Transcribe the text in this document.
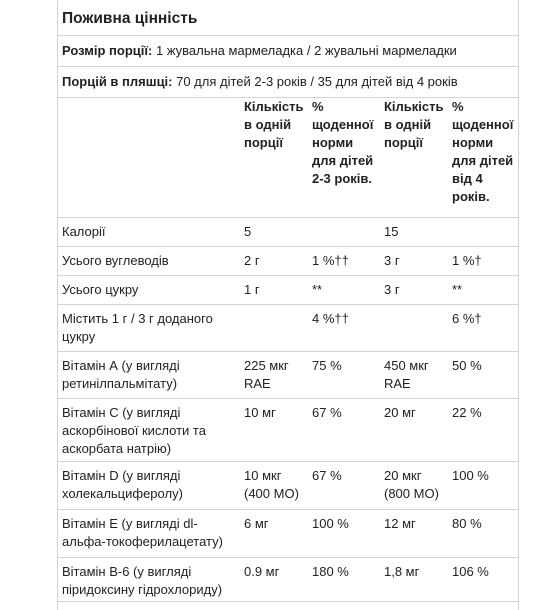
Поживна цінність
Розмір порції: 1 жувальна мармеладка / 2 жувальні мармеладки
Порцій в пляшці: 70 для дітей 2-3 років / 35 для дітей від 4 років
	Кількість в одній порції	% щоденної норми для дітей 2-3 років.	Кількість в одній порції	% щоденної норми для дітей від 4 років.
Калорії	5		15	
Усього вуглеводів	2 г	1 %††	3 г	1 %†
Усього цукру	1 г	**	3 г	**
Містить 1 г / 3 г доданого цукру		4 %††		6 %†
Вітамін А (у вигляді ретинілпальмітату)	225 мкг RAE	75 %	450 мкг RAE	50 %
Вітамін С (у вигляді аскорбінової кислоти та аскорбата натрію)	10 мг	67 %	20 мг	22 %
Вітамін D (у вигляді холекальциферолу)	10 мкг (400 МО)	67 %	20 мкг (800 МО)	100 %
Вітамін E (у вигляді dl-альфа-токоферилацетату)	6 мг	100 %	12 мг	80 %
Вітамін В-6 (у вигляді піридоксину гідрохлориду)	0.9 мг	180 %	1,8 мг	106 %
